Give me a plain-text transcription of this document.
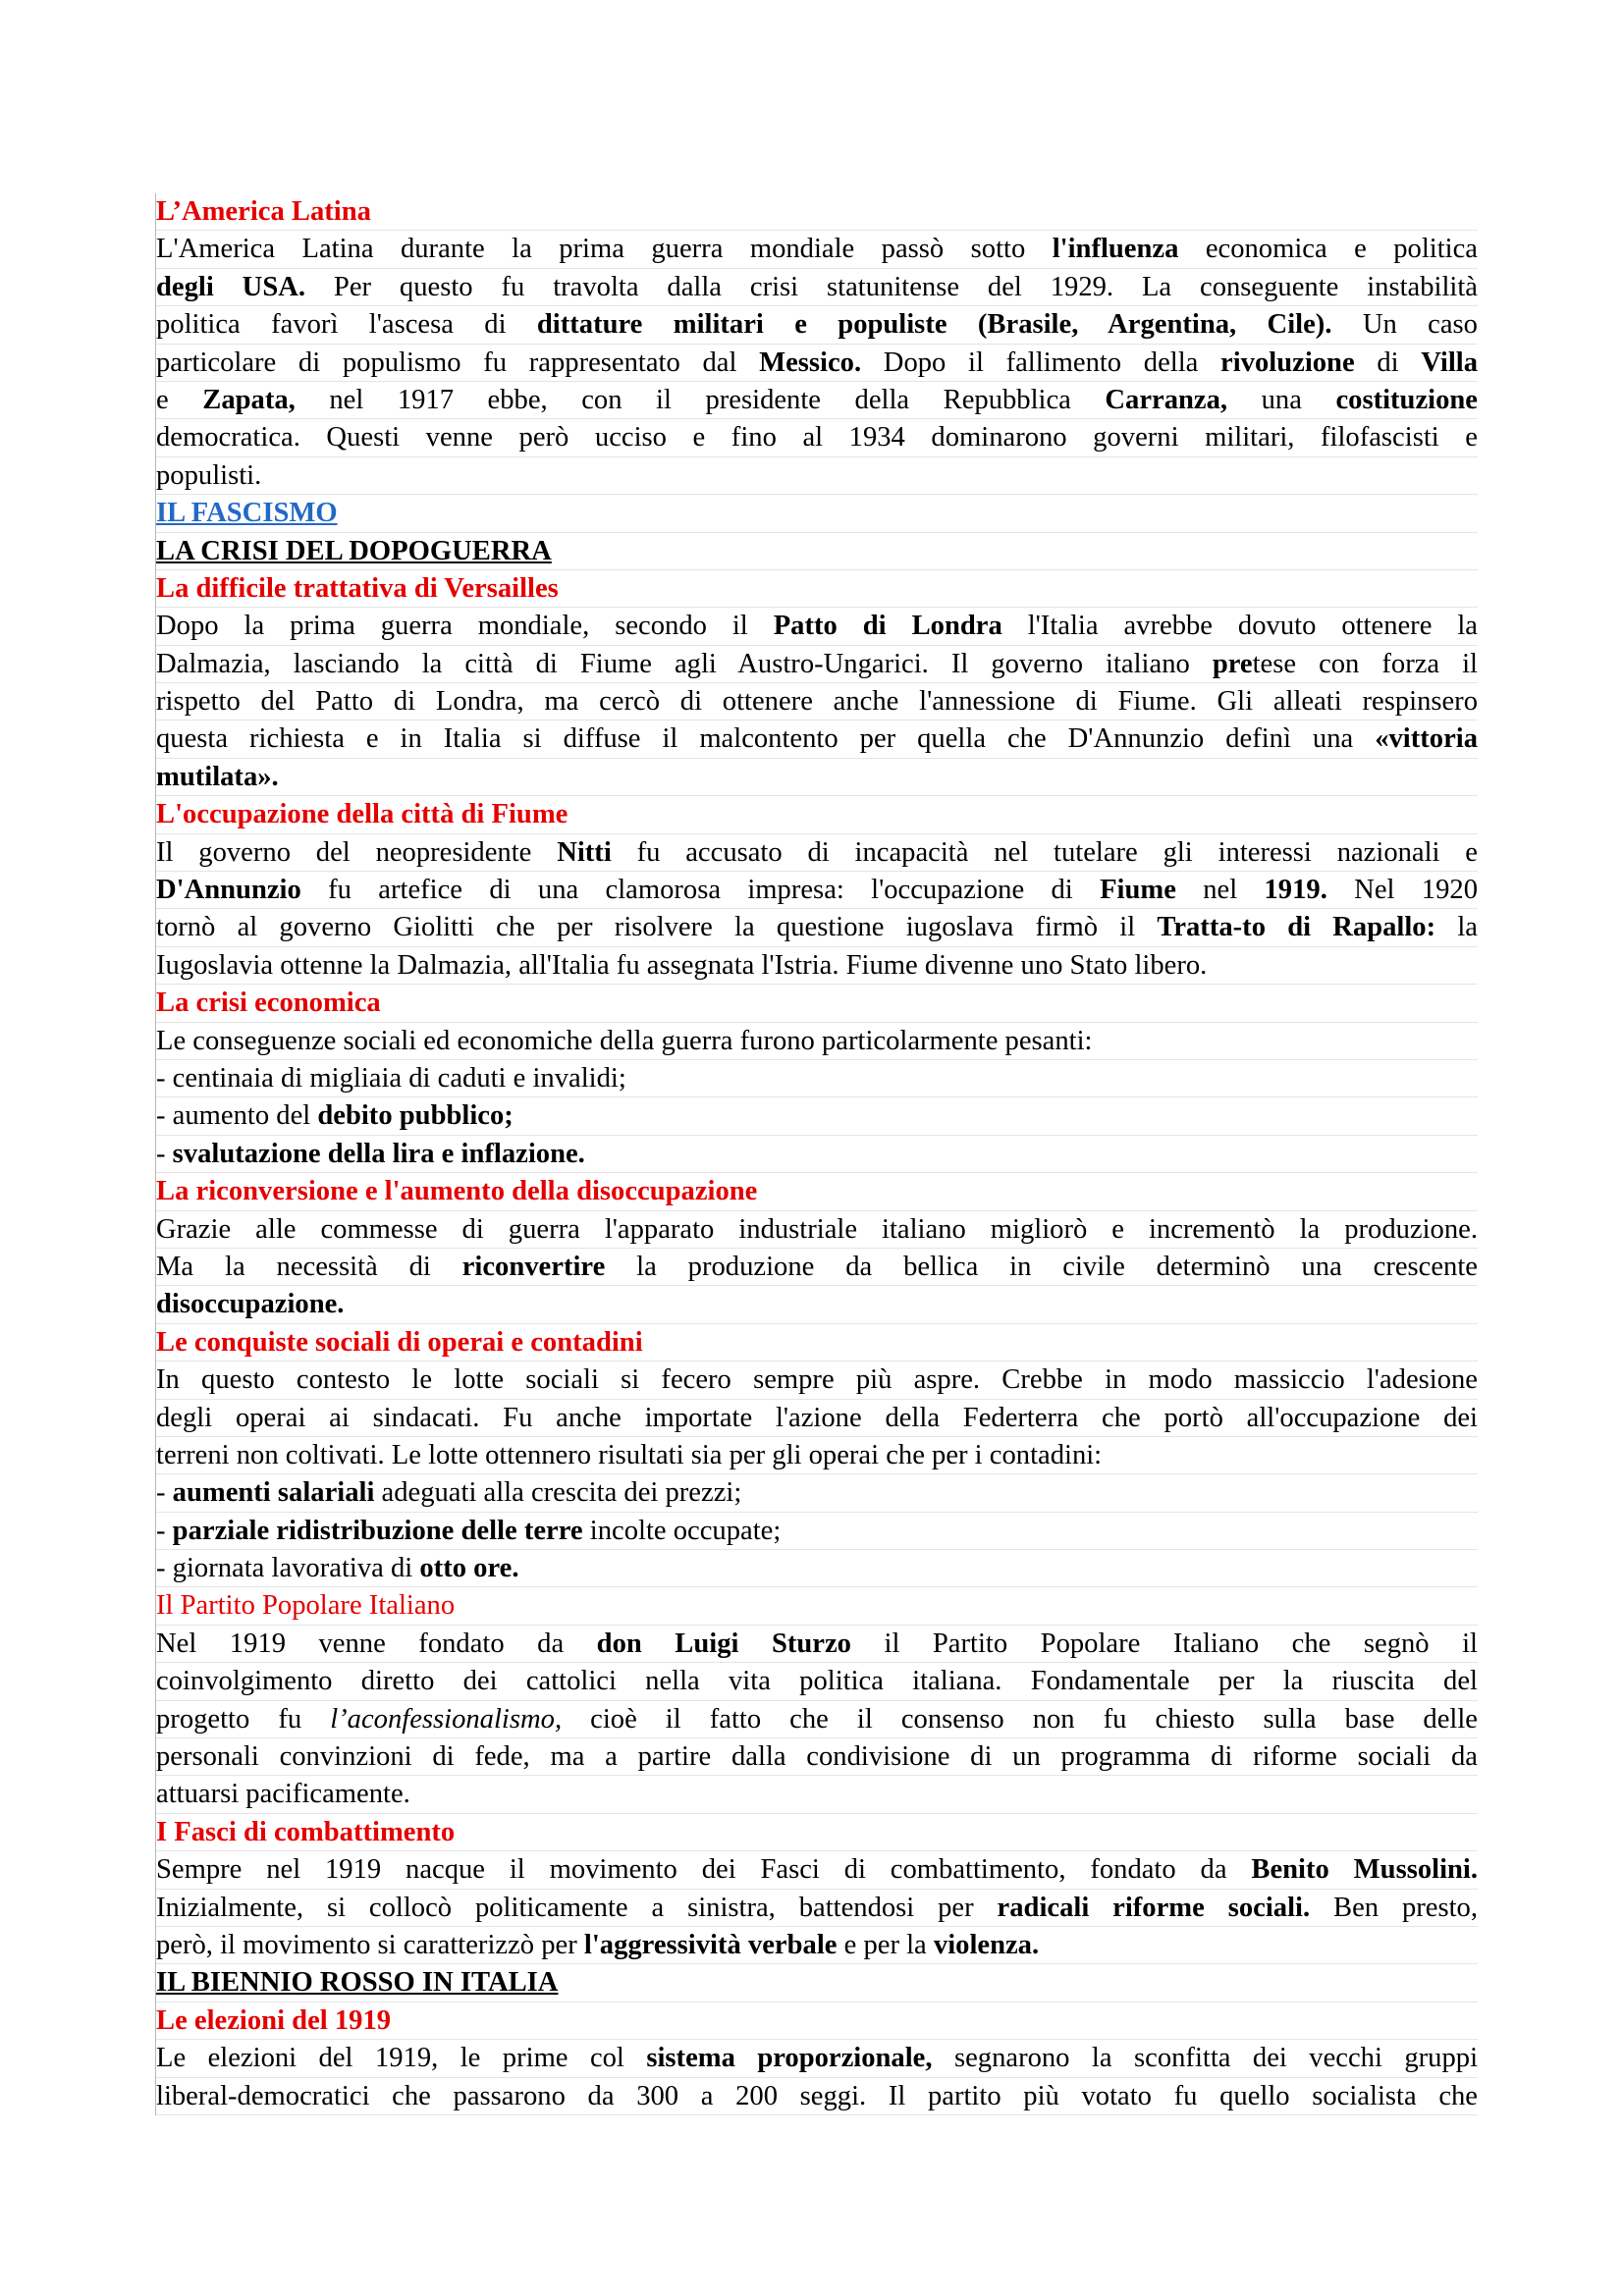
L’America Latina
L'America Latina durante la prima guerra mondiale passò sotto l'influenza economica e politica
degli USA. Per questo fu travolta dalla crisi statunitense del 1929. La conseguente instabilità
politica favorì l'ascesa di dittature militari e populiste (Brasile, Argentina, Cile). Un caso
particolare di populismo fu rappresentato dal Messico. Dopo il fallimento della rivoluzione di Villa
e Zapata, nel 1917 ebbe, con il presidente della Repubblica Carranza, una costituzione
democratica. Questi venne però ucciso e fino al 1934 dominarono governi militari, filofascisti e
populisti.
IL FASCISMO
LA CRISI DEL DOPOGUERRA
La difficile trattativa di Versailles
Dopo la prima guerra mondiale, secondo il Patto di Londra l'Italia avrebbe dovuto ottenere la
Dalmazia, lasciando la città di Fiume agli Austro-Ungarici. Il governo italiano pretese con forza il
rispetto del Patto di Londra, ma cercò di ottenere anche l'annessione di Fiume. Gli alleati respinsero
questa richiesta e in Italia si diffuse il malcontento per quella che D'Annunzio definì una «vittoria
mutilata».
L'occupazione della città di Fiume
Il governo del neopresidente Nitti fu accusato di incapacità nel tutelare gli interessi nazionali e
D'Annunzio fu artefice di una clamorosa impresa: l'occupazione di Fiume nel 1919. Nel 1920
tornò al governo Giolitti che per risolvere la questione iugoslava firmò il Tratta-to di Rapallo: la
Iugoslavia ottenne la Dalmazia, all'Italia fu assegnata l'Istria. Fiume divenne uno Stato libero.
La crisi economica
Le conseguenze sociali ed economiche della guerra furono particolarmente pesanti:
- centinaia di migliaia di caduti e invalidi;
- aumento del debito pubblico;
- svalutazione della lira e inflazione.
La riconversione e l'aumento della disoccupazione
Grazie alle commesse di guerra l'apparato industriale italiano migliorò e incrementò la produzione.
Ma la necessità di riconvertire la produzione da bellica in civile determinò una crescente
disoccupazione.
Le conquiste sociali di operai e contadini
In questo contesto le lotte sociali si fecero sempre più aspre. Crebbe in modo massiccio l'adesione
degli operai ai sindacati. Fu anche importate l'azione della Federterra che portò all'occupazione dei
terreni non coltivati. Le lotte ottennero risultati sia per gli operai che per i contadini:
- aumenti salariali adeguati alla crescita dei prezzi;
- parziale ridistribuzione delle terre incolte occupate;
- giornata lavorativa di otto ore.
Il Partito Popolare Italiano
Nel 1919 venne fondato da don Luigi Sturzo il Partito Popolare Italiano che segnò il
coinvolgimento diretto dei cattolici nella vita politica italiana. Fondamentale per la riuscita del
progetto fu l’aconfessionalismo, cioè il fatto che il consenso non fu chiesto sulla base delle
personali convinzioni di fede, ma a partire dalla condivisione di un programma di riforme sociali da
attuarsi pacificamente.
I Fasci di combattimento
Sempre nel 1919 nacque il movimento dei Fasci di combattimento, fondato da Benito Mussolini.
Inizialmente, si collocò politicamente a sinistra, battendosi per radicali riforme sociali. Ben presto,
però, il movimento si caratterizzò per l'aggressività verbale e per la violenza.
IL BIENNIO ROSSO IN ITALIA
Le elezioni del 1919
Le elezioni del 1919, le prime col sistema proporzionale, segnarono la sconfitta dei vecchi gruppi
liberal-democratici che passarono da 300 a 200 seggi. Il partito più votato fu quello socialista che
